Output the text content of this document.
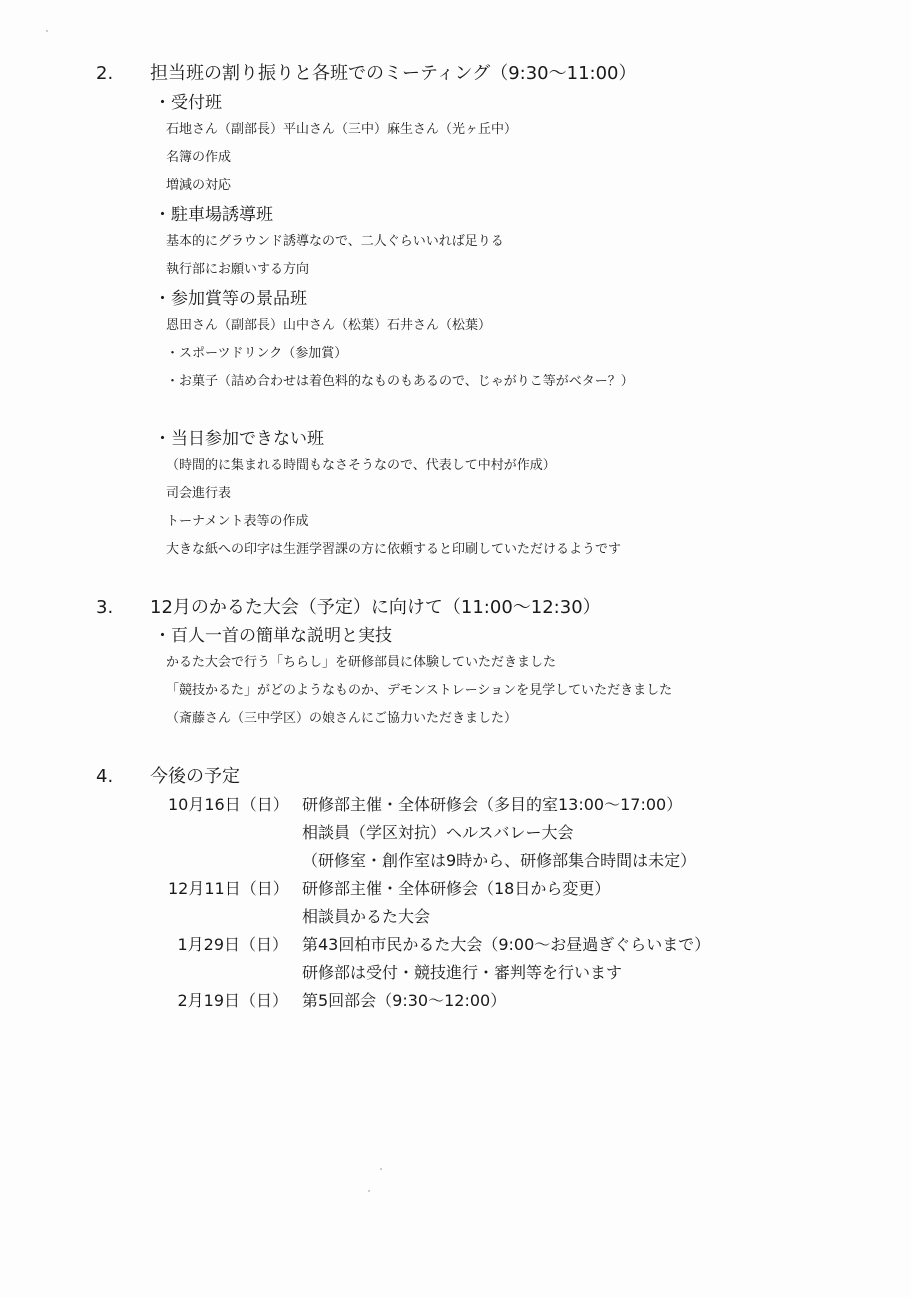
2. 担当班の割り振りと各班でのミーティング（9:30～11:00）
・受付班
石地さん（副部長）平山さん（三中）麻生さん（光ヶ丘中）
名簿の作成
増減の対応
・駐車場誘導班
基本的にグラウンド誘導なので、二人ぐらいいれば足りる
執行部にお願いする方向
・参加賞等の景品班
恩田さん（副部長）山中さん（松葉）石井さん（松葉）
・スポーツドリンク（参加賞）
・お菓子（詰め合わせは着色料的なものもあるので、じゃがりこ等がベター？）
・当日参加できない班
（時間的に集まれる時間もなさそうなので、代表して中村が作成）
司会進行表
トーナメント表等の作成
大きな紙への印字は生涯学習課の方に依頼すると印刷していただけるようです
3. 12月のかるた大会（予定）に向けて（11:00～12:30）
・百人一首の簡単な説明と実技
かるた大会で行う「ちらし」を研修部員に体験していただきました
「競技かるた」がどのようなものか、デモンストレーションを見学していただきました
（斎藤さん（三中学区）の娘さんにご協力いただきました）
4. 今後の予定
10月16日（日） 研修部主催・全体研修会（多目的室13:00～17:00）
相談員（学区対抗）ヘルスバレー大会
（研修室・創作室は9時から、研修部集合時間は未定）
12月11日（日） 研修部主催・全体研修会（18日から変更）
相談員かるた大会
1月29日（日） 第43回柏市民かるた大会（9:00～お昼過ぎぐらいまで）
研修部は受付・競技進行・審判等を行います
2月19日（日） 第5回部会（9:30～12:00）
